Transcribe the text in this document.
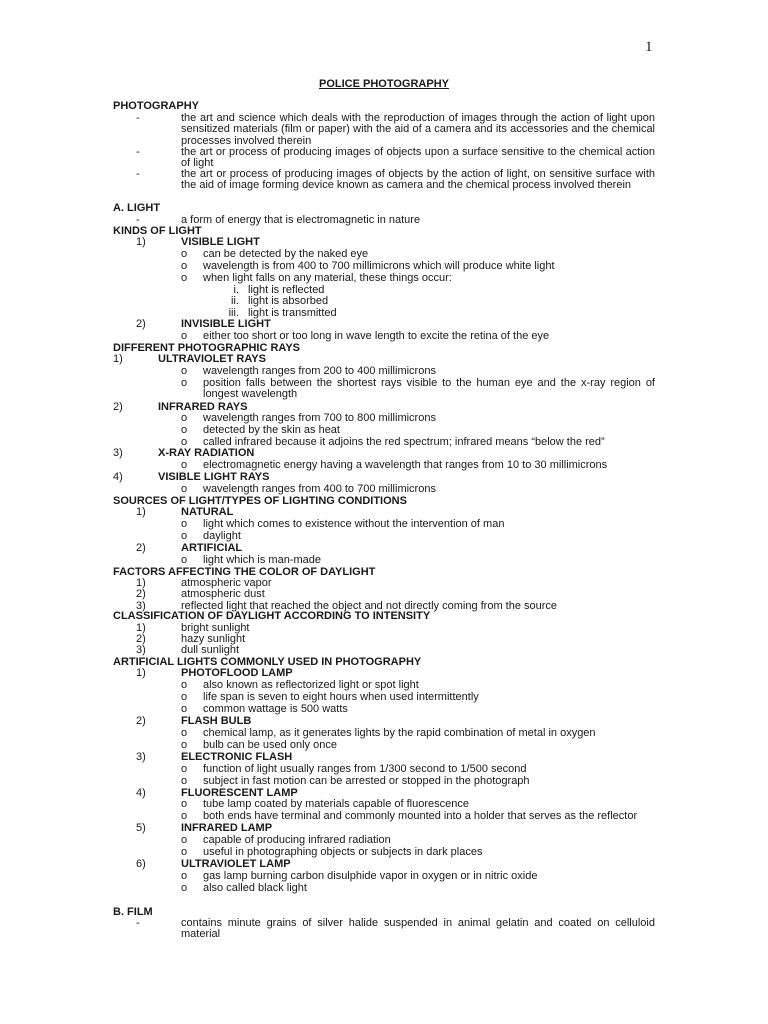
1
POLICE PHOTOGRAPHY
PHOTOGRAPHY
-	the art and science which deals with the reproduction of images through the action of light upon sensitized materials (film or paper) with the aid of a camera and its accessories and the chemical processes involved therein
-	the art or process of producing images of objects upon a surface sensitive to the chemical action of light
-	the art or process of producing images of objects by the action of light, on sensitive surface with the aid of image forming device known as camera and the chemical process involved therein
A. LIGHT
-	a form of energy that is electromagnetic in nature
KINDS OF LIGHT
1)	VISIBLE LIGHT
o can be detected by the naked eye
o wavelength is from 400 to 700 millimicrons which will produce white light
o when light falls on any material, these things occur:
i. light is reflected
ii. light is absorbed
iii. light is transmitted
2)	INVISIBLE LIGHT
o either too short or too long in wave length to excite the retina of the eye
DIFFERENT PHOTOGRAPHIC RAYS
1)	ULTRAVIOLET RAYS
o wavelength ranges from 200 to 400 millimicrons
o position falls between the shortest rays visible to the human eye and the x-ray region of longest wavelength
2)	INFRARED RAYS
o wavelength ranges from 700 to 800 millimicrons
o detected by the skin as heat
o called infrared because it adjoins the red spectrum; infrared means “below the red”
3)	X-RAY RADIATION
o electromagnetic energy having a wavelength that ranges from 10 to 30 millimicrons
4)	VISIBLE LIGHT RAYS
o wavelength ranges from 400 to 700 millimicrons
SOURCES OF LIGHT/TYPES OF LIGHTING CONDITIONS
1)	NATURAL
o light which comes to existence without the intervention of man
o daylight
2)	ARTIFICIAL
o light which is man-made
FACTORS AFFECTING THE COLOR OF DAYLIGHT
1)	atmospheric vapor
2)	atmospheric dust
3)	reflected light that reached the object and not directly coming from the source
CLASSIFICATION OF DAYLIGHT ACCORDING TO INTENSITY
1)	bright sunlight
2)	hazy sunlight
3)	dull sunlight
ARTIFICIAL LIGHTS COMMONLY USED IN PHOTOGRAPHY
1)	PHOTOFLOOD LAMP
o also known as reflectorized light or spot light
o life span is seven to eight hours when used intermittently
o common wattage is 500 watts
2)	FLASH BULB
o chemical lamp, as it generates lights by the rapid combination of metal in oxygen
o bulb can be used only once
3)	ELECTRONIC FLASH
o function of light usually ranges from 1/300 second to 1/500 second
o subject in fast motion can be arrested or stopped in the photograph
4)	FLUORESCENT LAMP
o tube lamp coated by materials capable of fluorescence
o both ends have terminal and commonly mounted into a holder that serves as the reflector
5)	INFRARED LAMP
o capable of producing infrared radiation
o useful in photographing objects or subjects in dark places
6)	ULTRAVIOLET LAMP
o gas lamp burning carbon disulphide vapor in oxygen or in nitric oxide
o also called black light
B. FILM
-	contains minute grains of silver halide suspended in animal gelatin and coated on celluloid material
